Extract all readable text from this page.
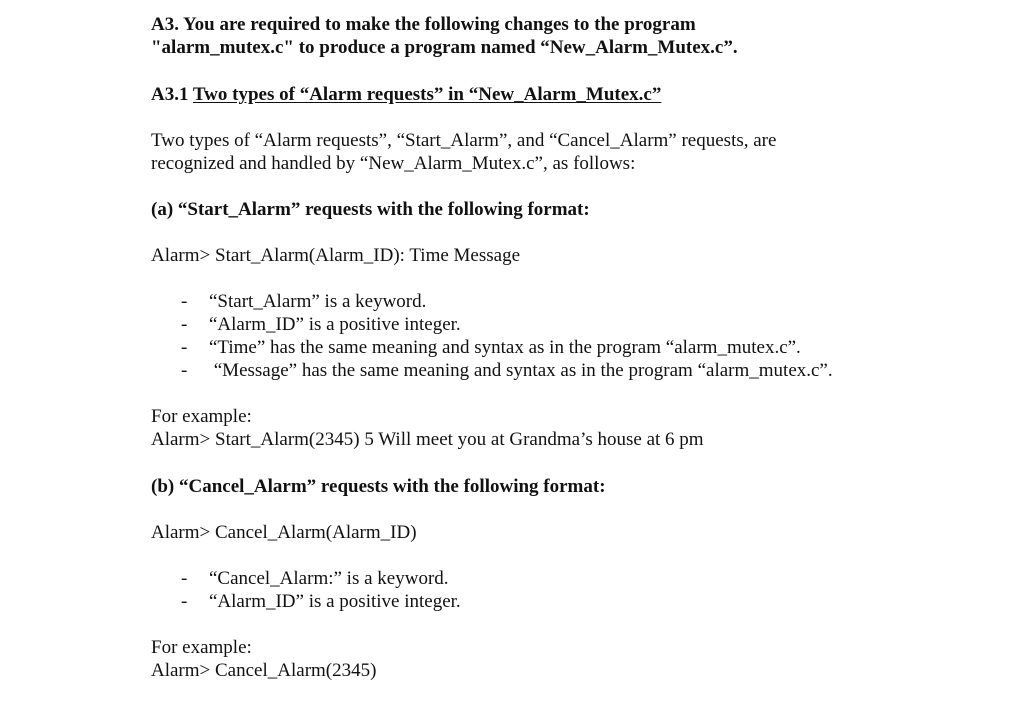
A3. You are required to make the following changes to the program
"alarm_mutex.c" to produce a program named “New_Alarm_Mutex.c”.
A3.1 Two types of “Alarm requests” in “New_Alarm_Mutex.c”
Two types of “Alarm requests”, “Start_Alarm”, and “Cancel_Alarm” requests, are
recognized and handled by “New_Alarm_Mutex.c”, as follows:
(a) “Start_Alarm” requests with the following format:
Alarm> Start_Alarm(Alarm_ID): Time Message
- “Start_Alarm” is a keyword.
- “Alarm_ID” is a positive integer.
- “Time” has the same meaning and syntax as in the program “alarm_mutex.c”.
- “Message” has the same meaning and syntax as in the program “alarm_mutex.c”.
For example:
Alarm> Start_Alarm(2345) 5 Will meet you at Grandma’s house at 6 pm
(b) “Cancel_Alarm” requests with the following format:
Alarm> Cancel_Alarm(Alarm_ID)
- “Cancel_Alarm:” is a keyword.
- “Alarm_ID” is a positive integer.
For example:
Alarm> Cancel_Alarm(2345)
